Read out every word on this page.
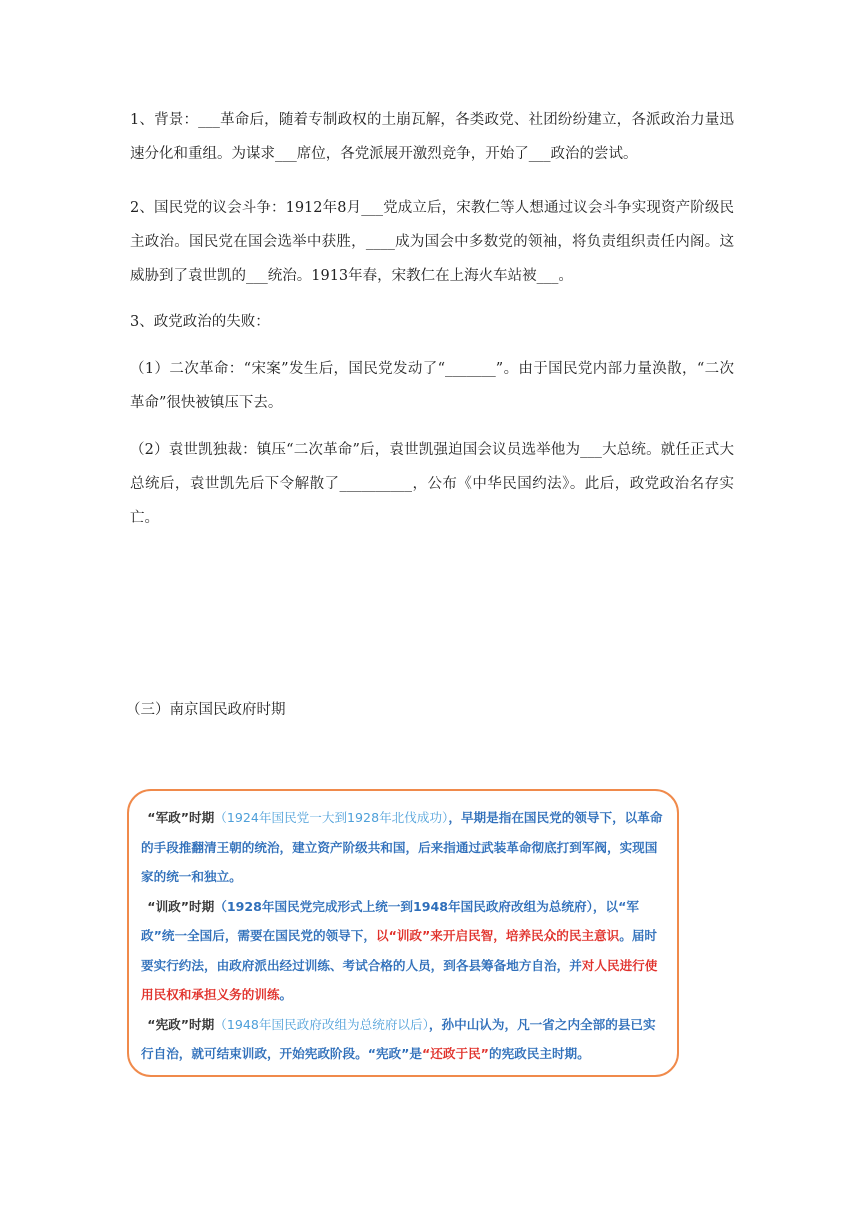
1、背景：___革命后，随着专制政权的土崩瓦解，各类政党、社团纷纷建立，各派政治力量迅速分化和重组。为谋求___席位，各党派展开激烈竞争，开始了___政治的尝试。

2、国民党的议会斗争：1912年8月___党成立后，宋教仁等人想通过议会斗争实现资产阶级民主政治。国民党在国会选举中获胜，____成为国会中多数党的领袖，将负责组织责任内阁。这威胁到了袁世凯的___统治。1913年春，宋教仁在上海火车站被___。

3、政党政治的失败：

（1）二次革命：“宋案”发生后，国民党发动了“_______”。由于国民党内部力量涣散，“二次革命”很快被镇压下去。

（2）袁世凯独裁：镇压“二次革命”后，袁世凯强迫国会议员选举他为___大总统。就任正式大总统后，袁世凯先后下令解散了__________，公布《中华民国约法》。此后，政党政治名存实亡。

（三）南京国民政府时期

 “军政”时期（1924年国民党一大到1928年北伐成功），早期是指在国民党的领导下，以革命的手段推翻清王朝的统治，建立资产阶级共和国，后来指通过武装革命彻底打到军阀，实现国家的统一和独立。

 “训政”时期（1928年国民党完成形式上统一到1948年国民政府改组为总统府），以“军政”统一全国后，需要在国民党的领导下，以“训政”来开启民智，培养民众的民主意识。届时要实行约法，由政府派出经过训练、考试合格的人员，到各县筹备地方自治，并对人民进行使用民权和承担义务的训练。

 “宪政”时期（1948年国民政府改组为总统府以后），孙中山认为，凡一省之内全部的县已实行自治，就可结束训政，开始宪政阶段。“宪政”是“还政于民”的宪政民主时期。
